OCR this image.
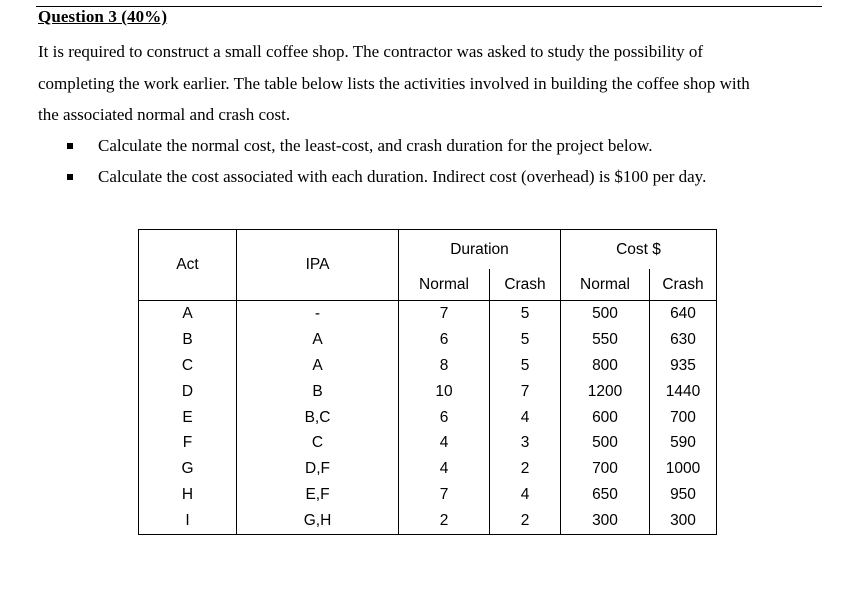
Question 3 (40%)

It is required to construct a small coffee shop. The contractor was asked to study the possibility of

completing the work earlier. The table below lists the activities involved in building the coffee shop with

the associated normal and crash cost.

Calculate the normal cost, the least-cost, and crash duration for the project below.
Calculate the cost associated with each duration. Indirect cost (overhead) is $100 per day.
Act	IPA	Duration		Cost $	
		Normal	Crash	Normal	Crash
A	-	7	5	500	640
B	A	6	5	550	630
C	A	8	5	800	935
D	B	10	7	1200	1440
E	B,C	6	4	600	700
F	C	4	3	500	590
G	D,F	4	2	700	1000
H	E,F	7	4	650	950
I	G,H	2	2	300	300
